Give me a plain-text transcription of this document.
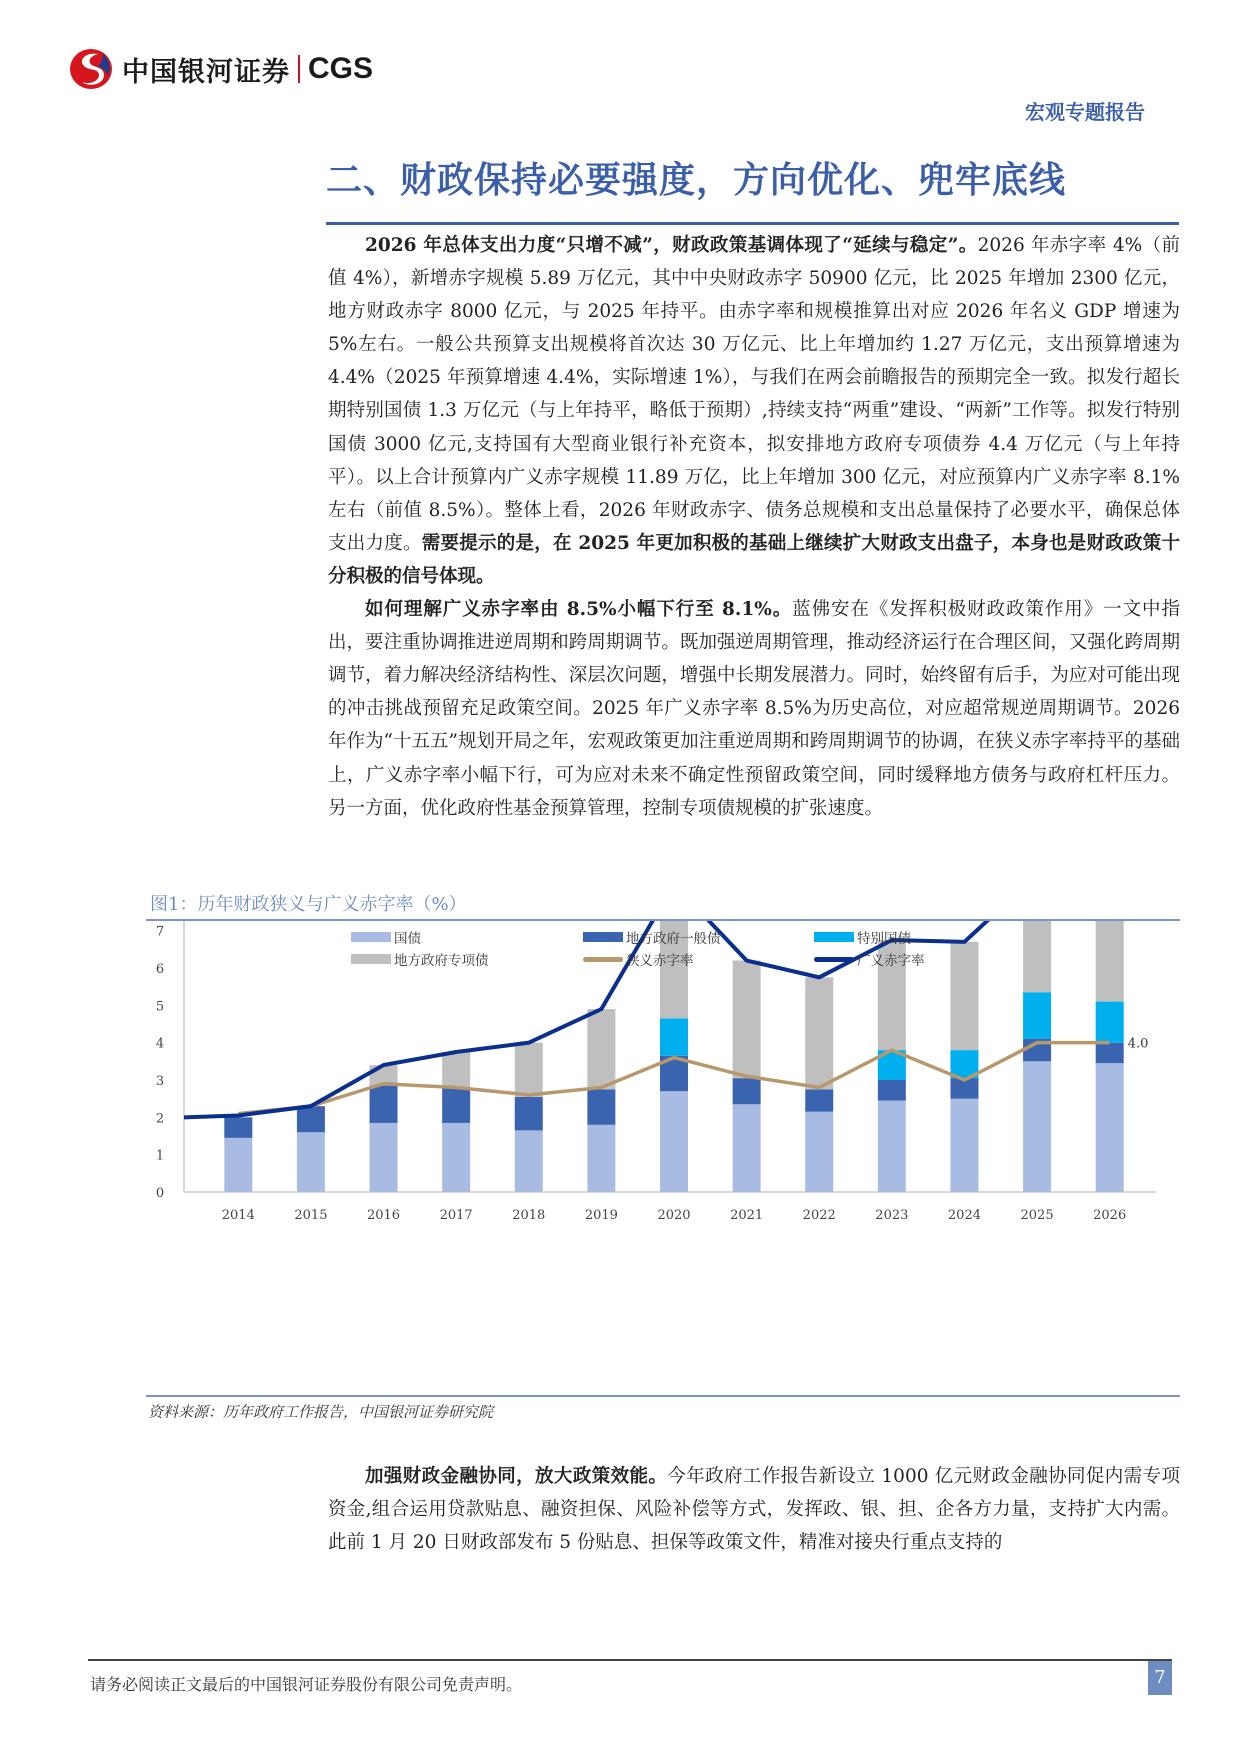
中国银河证券 CGS
宏观专题报告
二、财政保持必要强度，方向优化、兜牢底线

2026 年总体支出力度“只增不减”，财政政策基调体现了“延续与稳定”。2026 年赤字率 4%（前值 4%），新增赤字规模 5.89 万亿元，其中中央财政赤字 50900 亿元，比 2025 年增加 2300 亿元，地方财政赤字 8000 亿元，与 2025 年持平。由赤字率和规模推算出对应 2026 年名义 GDP 增速为 5%左右。一般公共预算支出规模将首次达 30 万亿元、比上年增加约 1.27 万亿元，支出预算增速为 4.4%（2025 年预算增速 4.4%，实际增速 1%），与我们在两会前瞻报告的预期完全一致。拟发行超长期特别国债 1.3 万亿元（与上年持平，略低于预期）,持续支持“两重”建设、“两新”工作等。拟发行特别国债 3000 亿元,支持国有大型商业银行补充资本，拟安排地方政府专项债券 4.4 万亿元（与上年持平）。以上合计预算内广义赤字规模 11.89 万亿，比上年增加 300 亿元，对应预算内广义赤字率 8.1%左右（前值 8.5%）。整体上看，2026 年财政赤字、债务总规模和支出总量保持了必要水平，确保总体支出力度。需要提示的是，在 2025 年更加积极的基础上继续扩大财政支出盘子，本身也是财政政策十分积极的信号体现。

如何理解广义赤字率由 8.5%小幅下行至 8.1%。蓝佛安在《发挥积极财政政策作用》一文中指出，要注重协调推进逆周期和跨周期调节。既加强逆周期管理，推动经济运行在合理区间，又强化跨周期调节，着力解决经济结构性、深层次问题，增强中长期发展潜力。同时，始终留有后手，为应对可能出现的冲击挑战预留充足政策空间。2025 年广义赤字率 8.5%为历史高位，对应超常规逆周期调节。2026 年作为“十五五”规划开局之年，宏观政策更加注重逆周期和跨周期调节的协调，在狭义赤字率持平的基础上，广义赤字率小幅下行，可为应对未来不确定性预留政策空间，同时缓释地方债务与政府杠杆压力。 另一方面，优化政府性基金预算管理，控制专项债规模的扩张速度。

图1：历年财政狭义与广义赤字率（%）
国债	地方政府一般债	特别国债
地方政府专项债	狭义赤字率	广义赤字率
0
1
2
3
4
5
6
7
2014	2015	2016	2017	2018	2019	2020	2021	2022	2023	2024	2025	2026
4.0
资料来源：历年政府工作报告，中国银河证券研究院

加强财政金融协同，放大政策效能。今年政府工作报告新设立 1000 亿元财政金融协同促内需专项资金,组合运用贷款贴息、融资担保、风险补偿等方式，发挥政、银、担、企各方力量，支持扩大内需。此前 1 月 20 日财政部发布 5 份贴息、担保等政策文件，精准对接央行重点支持的

请务必阅读正文最后的中国银河证券股份有限公司免责声明。	7
